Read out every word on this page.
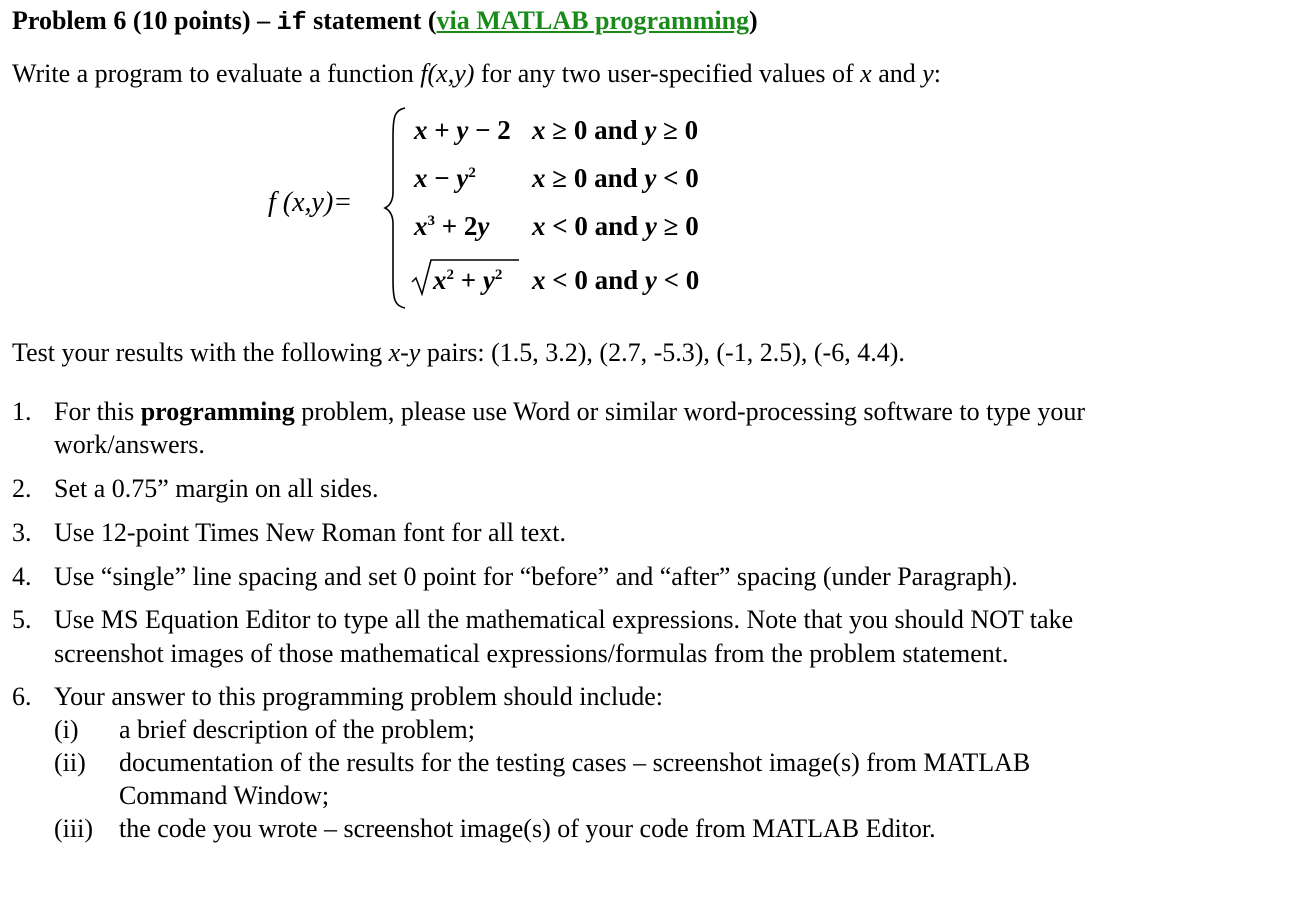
Problem 6 (10 points) – if statement (via MATLAB programming)
Write a program to evaluate a function f(x,y) for any two user-specified values of x and y:
f (x,y)=
x + y − 2 x ≥ 0 and y ≥ 0
$x - y^2$ x ≥ 0 and y < 0
$x^3 + 2y$ x < 0 and y ≥ 0
$x^2 + y^2$ x < 0 and y < 0
Test your results with the following x-y pairs: (1.5, 3.2), (2.7, -5.3), (-1, 2.5), (-6, 4.4).
1. For this programming problem, please use Word or similar word-processing software to type your
work/answers.
2. Set a 0.75” margin on all sides.
3. Use 12-point Times New Roman font for all text.
4. Use “single” line spacing and set 0 point for “before” and “after” spacing (under Paragraph).
5. Use MS Equation Editor to type all the mathematical expressions. Note that you should NOT take
screenshot images of those mathematical expressions/formulas from the problem statement.
6. Your answer to this programming problem should include:
(i) a brief description of the problem;
(ii) documentation of the results for the testing cases – screenshot image(s) from MATLAB
Command Window;
(iii) the code you wrote – screenshot image(s) of your code from MATLAB Editor.
